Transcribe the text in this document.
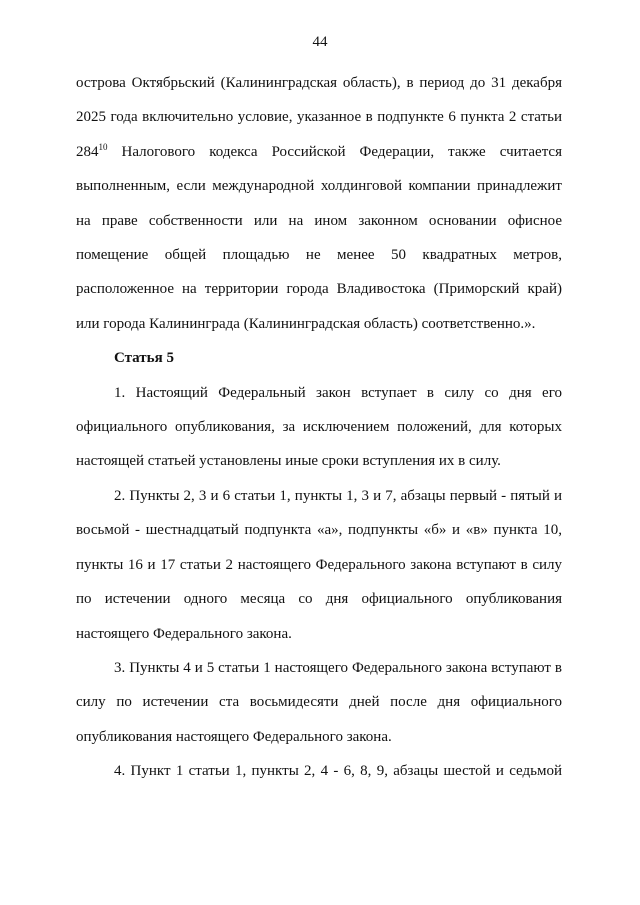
44

острова Октябрьский (Калининградская область), в период до 31 декабря 2025 года включительно условие, указанное в подпункте 6 пункта 2 статьи $284^{10}$ Налогового кодекса Российской Федерации, также считается выполненным, если международной холдинговой компании принадлежит на праве собственности или на ином законном основании офисное помещение общей площадью не менее 50 квадратных метров, расположенное на территории города Владивостока (Приморский край) или города Калининграда (Калининградская область) соответственно.».

Статья 5

1. Настоящий Федеральный закон вступает в силу со дня его официального опубликования, за исключением положений, для которых настоящей статьей установлены иные сроки вступления их в силу.

2. Пункты 2, 3 и 6 статьи 1, пункты 1, 3 и 7, абзацы первый - пятый и восьмой - шестнадцатый подпункта «а», подпункты «б» и «в» пункта 10, пункты 16 и 17 статьи 2 настоящего Федерального закона вступают в силу по истечении одного месяца со дня официального опубликования настоящего Федерального закона.

3. Пункты 4 и 5 статьи 1 настоящего Федерального закона вступают в силу по истечении ста восьмидесяти дней после дня официального опубликования настоящего Федерального закона.

4. Пункт 1 статьи 1, пункты 2, 4 - 6, 8, 9, абзацы шестой и седьмой
